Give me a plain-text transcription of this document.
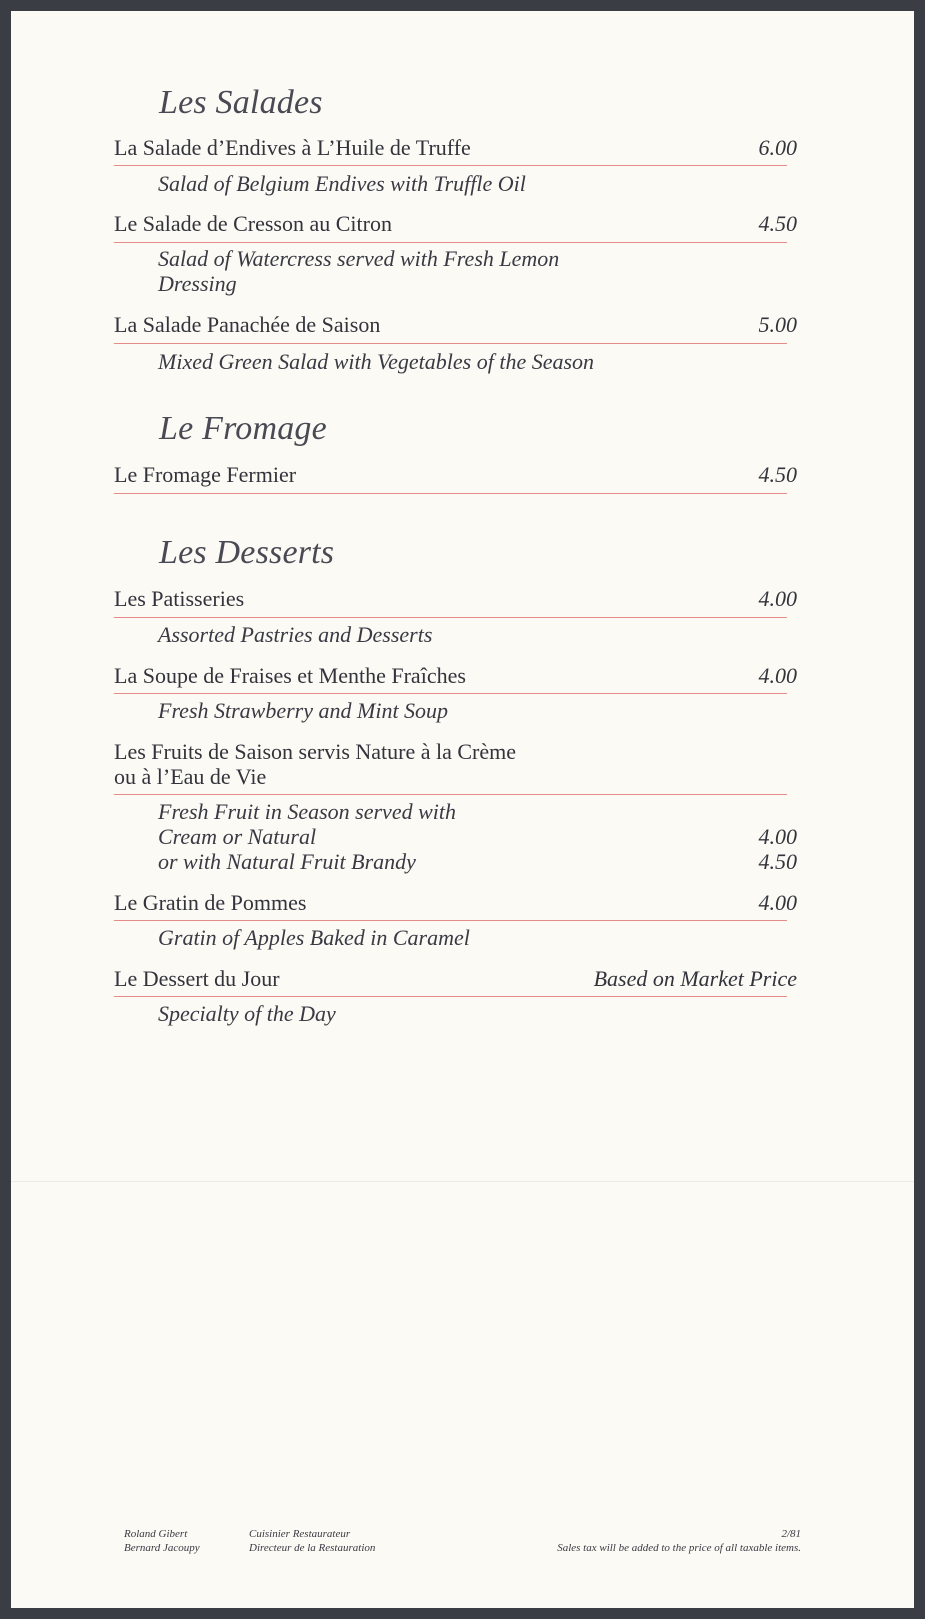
Les Salades
La Salade d’Endives à L’Huile de Truffe	6.00
Salad of Belgium Endives with Truffle Oil
Le Salade de Cresson au Citron	4.50
Salad of Watercress served with Fresh Lemon
Dressing
La Salade Panachée de Saison	5.00
Mixed Green Salad with Vegetables of the Season
Le Fromage
Le Fromage Fermier	4.50
Les Desserts
Les Patisseries	4.00
Assorted Pastries and Desserts
La Soupe de Fraises et Menthe Fraîches	4.00
Fresh Strawberry and Mint Soup
Les Fruits de Saison servis Nature à la Crème
ou à l’Eau de Vie
Fresh Fruit in Season served with
Cream or Natural	4.00
or with Natural Fruit Brandy	4.50
Le Gratin de Pommes	4.00
Gratin of Apples Baked in Caramel
Le Dessert du Jour	Based on Market Price
Specialty of the Day
Roland Gibert
Bernard Jacoupy
Cuisinier Restaurateur
Directeur de la Restauration
2/81
Sales tax will be added to the price of all taxable items.
